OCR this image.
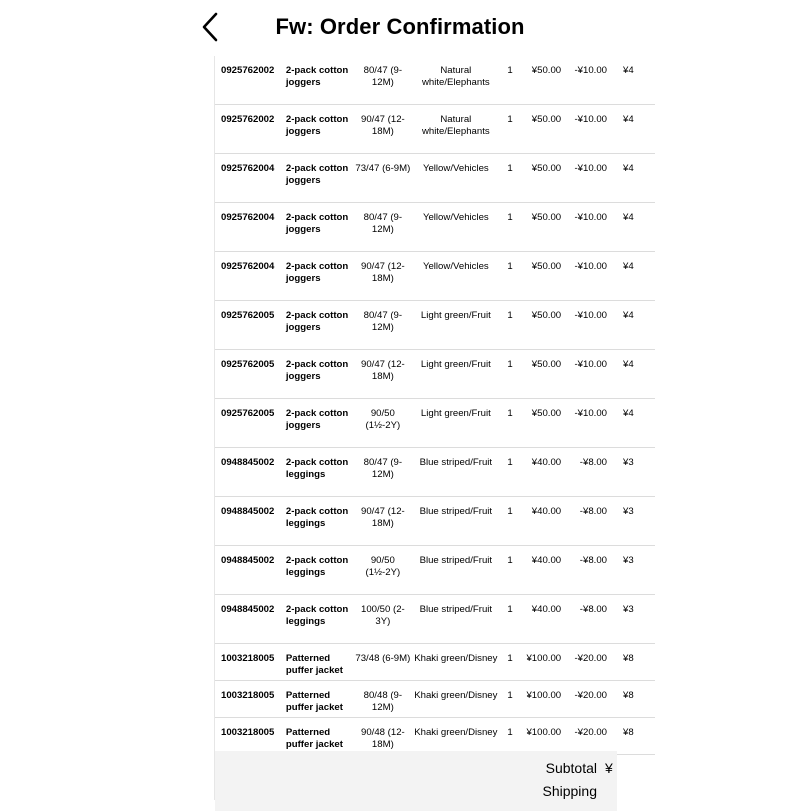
Fw: Order Confirmation
0925762002	2-pack cotton joggers	80/47 (9-12M)	Natural white/Elephants	1	¥50.00	-¥10.00	¥4
0925762002	2-pack cotton joggers	90/47 (12-18M)	Natural white/Elephants	1	¥50.00	-¥10.00	¥4
0925762004	2-pack cotton joggers	73/47 (6-9M)	Yellow/Vehicles	1	¥50.00	-¥10.00	¥4
0925762004	2-pack cotton joggers	80/47 (9-12M)	Yellow/Vehicles	1	¥50.00	-¥10.00	¥4
0925762004	2-pack cotton joggers	90/47 (12-18M)	Yellow/Vehicles	1	¥50.00	-¥10.00	¥4
0925762005	2-pack cotton joggers	80/47 (9-12M)	Light green/Fruit	1	¥50.00	-¥10.00	¥4
0925762005	2-pack cotton joggers	90/47 (12-18M)	Light green/Fruit	1	¥50.00	-¥10.00	¥4
0925762005	2-pack cotton joggers	90/50 (1½-2Y)	Light green/Fruit	1	¥50.00	-¥10.00	¥4
0948845002	2-pack cotton leggings	80/47 (9-12M)	Blue striped/Fruit	1	¥40.00	-¥8.00	¥3
0948845002	2-pack cotton leggings	90/47 (12-18M)	Blue striped/Fruit	1	¥40.00	-¥8.00	¥3
0948845002	2-pack cotton leggings	90/50 (1½-2Y)	Blue striped/Fruit	1	¥40.00	-¥8.00	¥3
0948845002	2-pack cotton leggings	100/50 (2-3Y)	Blue striped/Fruit	1	¥40.00	-¥8.00	¥3
1003218005	Patterned puffer jacket	73/48 (6-9M)	Khaki green/Disney	1	¥100.00	-¥20.00	¥8
1003218005	Patterned puffer jacket	80/48 (9-12M)	Khaki green/Disney	1	¥100.00	-¥20.00	¥8
1003218005	Patterned puffer jacket	90/48 (12-18M)	Khaki green/Disney	1	¥100.00	-¥20.00	¥8
Subtotal ¥
Shipping
